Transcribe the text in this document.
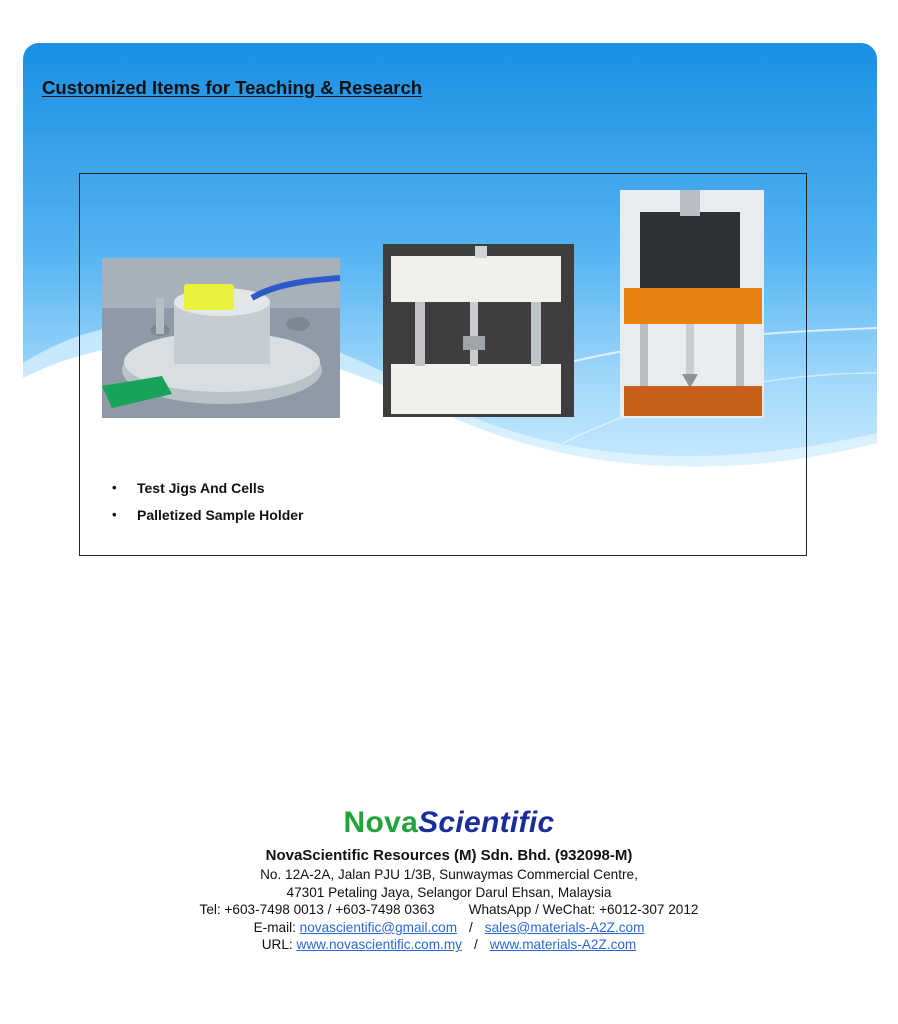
Customized Items for Teaching & Research
•	Test Jigs And Cells
•	Palletized Sample Holder
NovaScientific
NovaScientific Resources (M) Sdn. Bhd. (932098-M)
No. 12A-2A, Jalan PJU 1/3B, Sunwaymas Commercial Centre,
47301 Petaling Jaya, Selangor Darul Ehsan, Malaysia
Tel: +603-7498 0013 / +603-7498 0363	WhatsApp / WeChat: +6012-307 2012
E-mail: novascientific@gmail.com / sales@materials-A2Z.com
URL: www.novascientific.com.my / www.materials-A2Z.com
